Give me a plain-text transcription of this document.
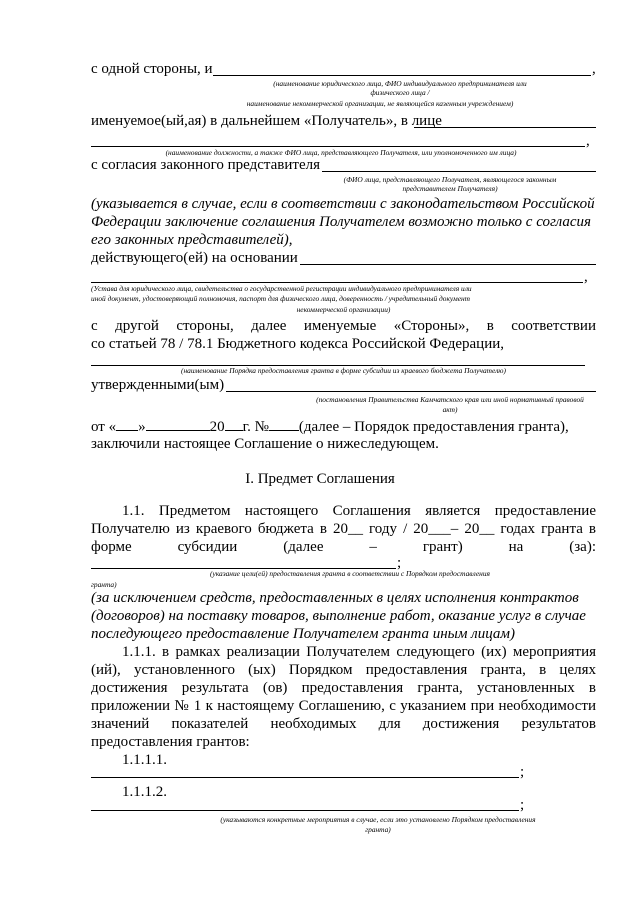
с одной стороны, и	,
(наименование юридического лица, ФИО индивидуального предпринимателя или
физического лица /
наименование некоммерческой организации, не являющейся казенным учреждением)
именуемое(ый,ая) в дальнейшем «Получатель», в лице
,
(наименование должности, а также ФИО лица, представляющего Получателя, или уполномоченного им лица)
с согласия законного представителя
(ФИО лица, представляющего Получателя, являющегося законным
представителем Получателя)
(указывается в случае, если в соответствии с законодательством Российской
Федерации заключение соглашения Получателем возможно только с согласия
его законных представителей),
действующего(ей) на основании
,
(Устава для юридического лица, свидетельства о государственной регистрации индивидуального предпринимателя или
иной документ, удостоверяющий полномочия, паспорт для физического лица, доверенность / учредительный документ
некоммерческой организации)
с другой стороны, далее именуемые «Стороны», в соответствии
со статьей 78 / 78.1 Бюджетного кодекса Российской Федерации,
(наименование Порядка предоставления гранта в форме субсидии из краевого бюджета Получателю)
утвержденными(ым)
(постановления Правительства Камчатского края или иной нормативный правовой
акт)
от « »	20 г. № (далее – Порядок предоставления гранта),
заключили настоящее Соглашение о нижеследующем.
I. Предмет Соглашения
1.1. Предметом настоящего Соглашения является предоставление
Получателю из краевого бюджета в 20__ году / 20___– 20__ годах гранта в
форме субсидии (далее – грант) на (за):
;
(указание цели(ей) предоставления гранта в соответствии с Порядком предоставления
гранта)
(за исключением средств, предоставленных в целях исполнения контрактов
(договоров) на поставку товаров, выполнение работ, оказание услуг в случае
последующего предоставление Получателем гранта иным лицам)
1.1.1. в рамках реализации Получателем следующего (их) мероприятия
(ий), установленного (ых) Порядком предоставления гранта, в целях
достижения результата (ов) предоставления гранта, установленных в
приложении № 1 к настоящему Соглашению, с указанием при необходимости
значений показателей необходимых для достижения результатов
предоставления грантов:
1.1.1.1.
;
1.1.1.2.
;
(указываются конкретные мероприятия в случае, если это установлено Порядком предоставления
гранта)
